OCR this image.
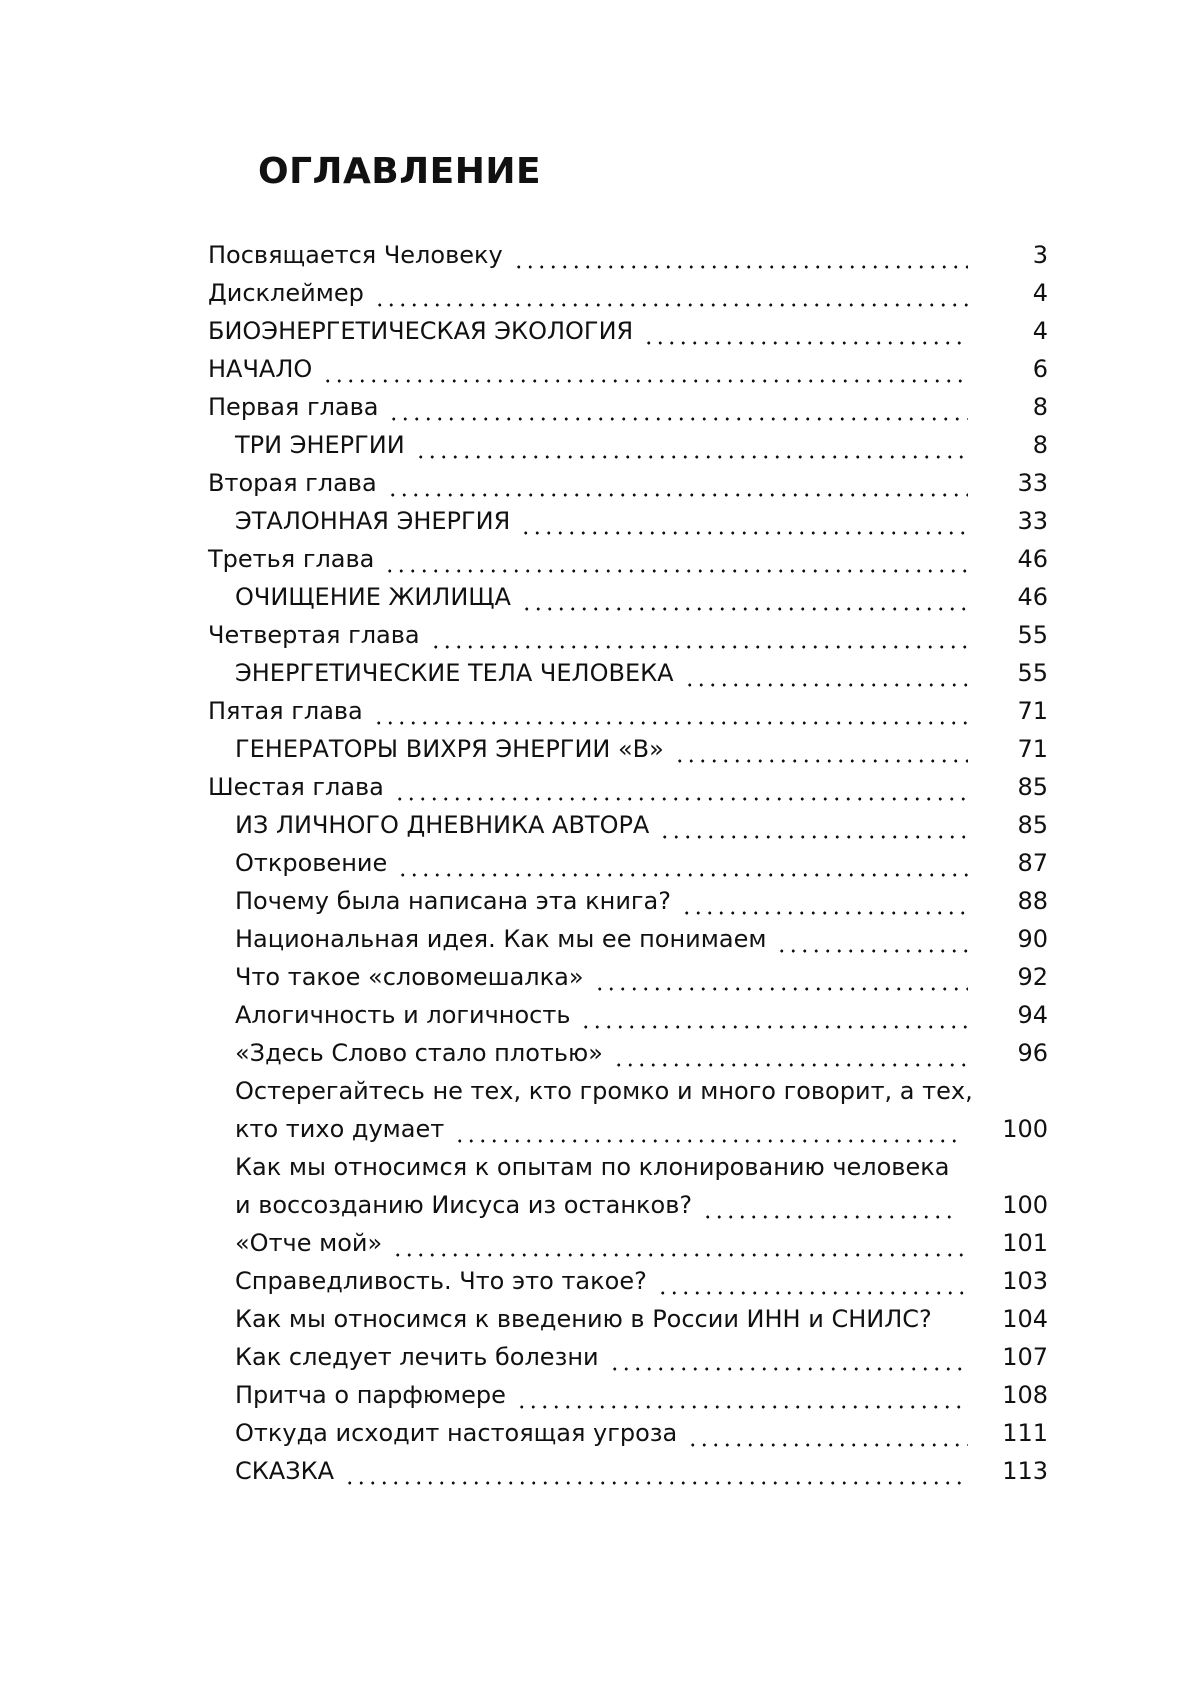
ОГЛАВЛЕНИЕ
Посвящается Человеку	3
Дисклеймер	4
БИОЭНЕРГЕТИЧЕСКАЯ ЭКОЛОГИЯ	4
НАЧАЛО	6
Первая глава	8
ТРИ ЭНЕРГИИ	8
Вторая глава	33
ЭТАЛОННАЯ ЭНЕРГИЯ	33
Третья глава	46
ОЧИЩЕНИЕ ЖИЛИЩА	46
Четвертая глава	55
ЭНЕРГЕТИЧЕСКИЕ ТЕЛА ЧЕЛОВЕКА	55
Пятая глава	71
ГЕНЕРАТОРЫ ВИХРЯ ЭНЕРГИИ «В»	71
Шестая глава	85
ИЗ ЛИЧНОГО ДНЕВНИКА АВТОРА	85
Откровение	87
Почему была написана эта книга?	88
Национальная идея. Как мы ее понимаем	90
Что такое «словомешалка»	92
Алогичность и логичность	94
«Здесь Слово стало плотью»	96
Остерегайтесь не тех, кто громко и много говорит, а тех,
кто тихо думает	100
Как мы относимся к опытам по клонированию человека
и воссозданию Иисуса из останков?	100
«Отче мой»	101
Справедливость. Что это такое?	103
Как мы относимся к введению в России ИНН и СНИЛС?	104
Как следует лечить болезни	107
Притча о парфюмере	108
Откуда исходит настоящая угроза	111
СКАЗКА	113
